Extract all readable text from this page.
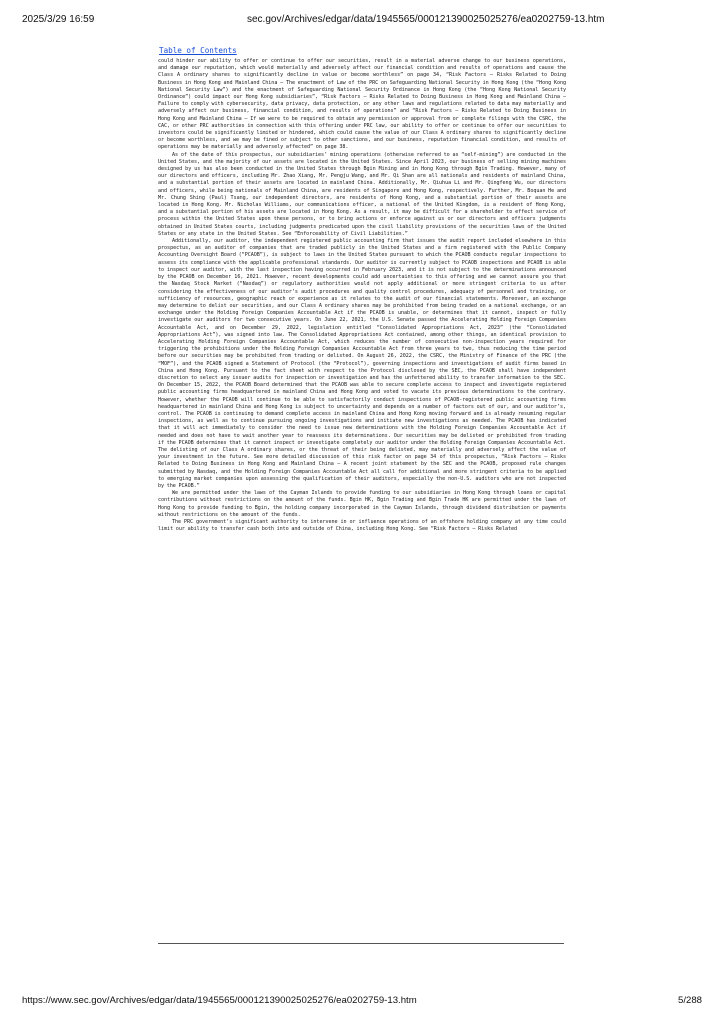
2025/3/29 16:59	sec.gov/Archives/edgar/data/1945565/000121390025025276/ea0202759-13.htm
Table of Contents

could hinder our ability to offer or continue to offer our securities, result in a material adverse change to our business operations, and damage our reputation, which would materially and adversely affect our financial condition and results of operations and cause the Class A ordinary shares to significantly decline in value or become worthless” on page 34, “Risk Factors — Risks Related to Doing Business in Hong Kong and Mainland China — The enactment of Law of the PRC on Safeguarding National Security in Hong Kong (the “Hong Kong National Security Law”) and the enactment of Safeguarding National Security Ordinance in Hong Kong (the “Hong Kong National Security Ordinance”) could impact our Hong Kong subsidiaries”, “Risk Factors — Risks Related to Doing Business in Hong Kong and Mainland China — Failure to comply with cybersecurity, data privacy, data protection, or any other laws and regulations related to data may materially and adversely affect our business, financial condition, and results of operations” and “Risk Factors — Risks Related to Doing Business in Hong Kong and Mainland China — If we were to be required to obtain any permission or approval from or complete filings with the CSRC, the CAC, or other PRC authorities in connection with this offering under PRC law, our ability to offer or continue to offer our securities to investors could be significantly limited or hindered, which could cause the value of our Class A ordinary shares to significantly decline or become worthless, and we may be fined or subject to other sanctions, and our business, reputation financial condition, and results of operations may be materially and adversely affected” on page 38.

As of the date of this prospectus, our subsidiaries’ mining operations (otherwise referred to as “self-mining”) are conducted in the United States, and the majority of our assets are located in the United States. Since April 2023, our business of selling mining machines designed by us has also been conducted in the United States through Bgin Mining and in Hong Kong through Bgin Trading. However, many of our directors and officers, including Mr. Zhao Xiang, Mr. Pengju Wang, and Mr. Qi Shan are all nationals and residents of mainland China, and a substantial portion of their assets are located in mainland China. Additionally, Mr. Qiuhua Li and Mr. Qingfeng Wu, our directors and officers, while being nationals of Mainland China, are residents of Singapore and Hong Kong, respectively. Further, Mr. Boquan He and Mr. Chung Shing (Paul) Tsang, our independent directors, are residents of Hong Kong, and a substantial portion of their assets are located in Hong Kong. Mr. Nicholas Williams, our communications officer, a national of the United Kingdom, is a resident of Hong Kong, and a substantial portion of his assets are located in Hong Kong. As a result, it may be difficult for a shareholder to effect service of process within the United States upon these persons, or to bring actions or enforce against us or our directors and officers judgments obtained in United States courts, including judgments predicated upon the civil liability provisions of the securities laws of the United States or any state in the United States. See “Enforceability of Civil Liabilities.”

Additionally, our auditor, the independent registered public accounting firm that issues the audit report included elsewhere in this prospectus, as an auditor of companies that are traded publicly in the United States and a firm registered with the Public Company Accounting Oversight Board (“PCAOB”), is subject to laws in the United States pursuant to which the PCAOB conducts regular inspections to assess its compliance with the applicable professional standards. Our auditor is currently subject to PCAOB inspections and PCAOB is able to inspect our auditor, with the last inspection having occurred in February 2023, and it is not subject to the determinations announced by the PCAOB on December 16, 2021. However, recent developments could add uncertainties to this offering and we cannot assure you that the Nasdaq Stock Market (“Nasdaq”) or regulatory authorities would not apply additional or more stringent criteria to us after considering the effectiveness of our auditor’s audit procedures and quality control procedures, adequacy of personnel and training, or sufficiency of resources, geographic reach or experience as it relates to the audit of our financial statements. Moreover, an exchange may determine to delist our securities, and our Class A ordinary shares may be prohibited from being traded on a national exchange, or an exchange under the Holding Foreign Companies Accountable Act if the PCAOB is unable, or determines that it cannot, inspect or fully investigate our auditors for two consecutive years. On June 22, 2021, the U.S. Senate passed the Accelerating Holding Foreign Companies Accountable Act, and on December 29, 2022, legislation entitled “Consolidated Appropriations Act, 2023” (the “Consolidated Appropriations Act”), was signed into law. The Consolidated Appropriations Act contained, among other things, an identical provision to Accelerating Holding Foreign Companies Accountable Act, which reduces the number of consecutive non-inspection years required for triggering the prohibitions under the Holding Foreign Companies Accountable Act from three years to two, thus reducing the time period before our securities may be prohibited from trading or delisted. On August 26, 2022, the CSRC, the Ministry of Finance of the PRC (the “MOF”), and the PCAOB signed a Statement of Protocol (the “Protocol”), governing inspections and investigations of audit firms based in China and Hong Kong. Pursuant to the fact sheet with respect to the Protocol disclosed by the SEC, the PCAOB shall have independent discretion to select any issuer audits for inspection or investigation and has the unfettered ability to transfer information to the SEC. On December 15, 2022, the PCAOB Board determined that the PCAOB was able to secure complete access to inspect and investigate registered public accounting firms headquartered in mainland China and Hong Kong and voted to vacate its previous determinations to the contrary. However, whether the PCAOB will continue to be able to satisfactorily conduct inspections of PCAOB-registered public accounting firms headquartered in mainland China and Hong Kong is subject to uncertainty and depends on a number of factors out of our, and our auditor’s, control. The PCAOB is continuing to demand complete access in mainland China and Hong Kong moving forward and is already resuming regular inspections, as well as to continue pursuing ongoing investigations and initiate new investigations as needed. The PCAOB has indicated that it will act immediately to consider the need to issue new determinations with the Holding Foreign Companies Accountable Act if needed and does not have to wait another year to reassess its determinations. Our securities may be delisted or prohibited from trading if the PCAOB determines that it cannot inspect or investigate completely our auditor under the Holding Foreign Companies Accountable Act. The delisting of our Class A ordinary shares, or the threat of their being delisted, may materially and adversely affect the value of your investment in the future. See more detailed discussion of this risk factor on page 34 of this prospectus, “Risk Factors — Risks Related to Doing Business in Hong Kong and Mainland China — A recent joint statement by the SEC and the PCAOB, proposed rule changes submitted by Nasdaq, and the Holding Foreign Companies Accountable Act all call for additional and more stringent criteria to be applied to emerging market companies upon assessing the qualification of their auditors, especially the non-U.S. auditors who are not inspected by the PCAOB.”

We are permitted under the laws of the Cayman Islands to provide funding to our subsidiaries in Hong Kong through loans or capital contributions without restrictions on the amount of the funds. Bgin HK, Bgin Trading and Bgin Trade HK are permitted under the laws of Hong Kong to provide funding to Bgin, the holding company incorporated in the Cayman Islands, through dividend distribution or payments without restrictions on the amount of the funds.

The PRC government’s significant authority to intervene in or influence operations of an offshore holding company at any time could limit our ability to transfer cash both into and outside of China, including Hong Kong. See “Risk Factors — Risks Related

https://www.sec.gov/Archives/edgar/data/1945565/000121390025025276/ea0202759-13.htm	5/288
